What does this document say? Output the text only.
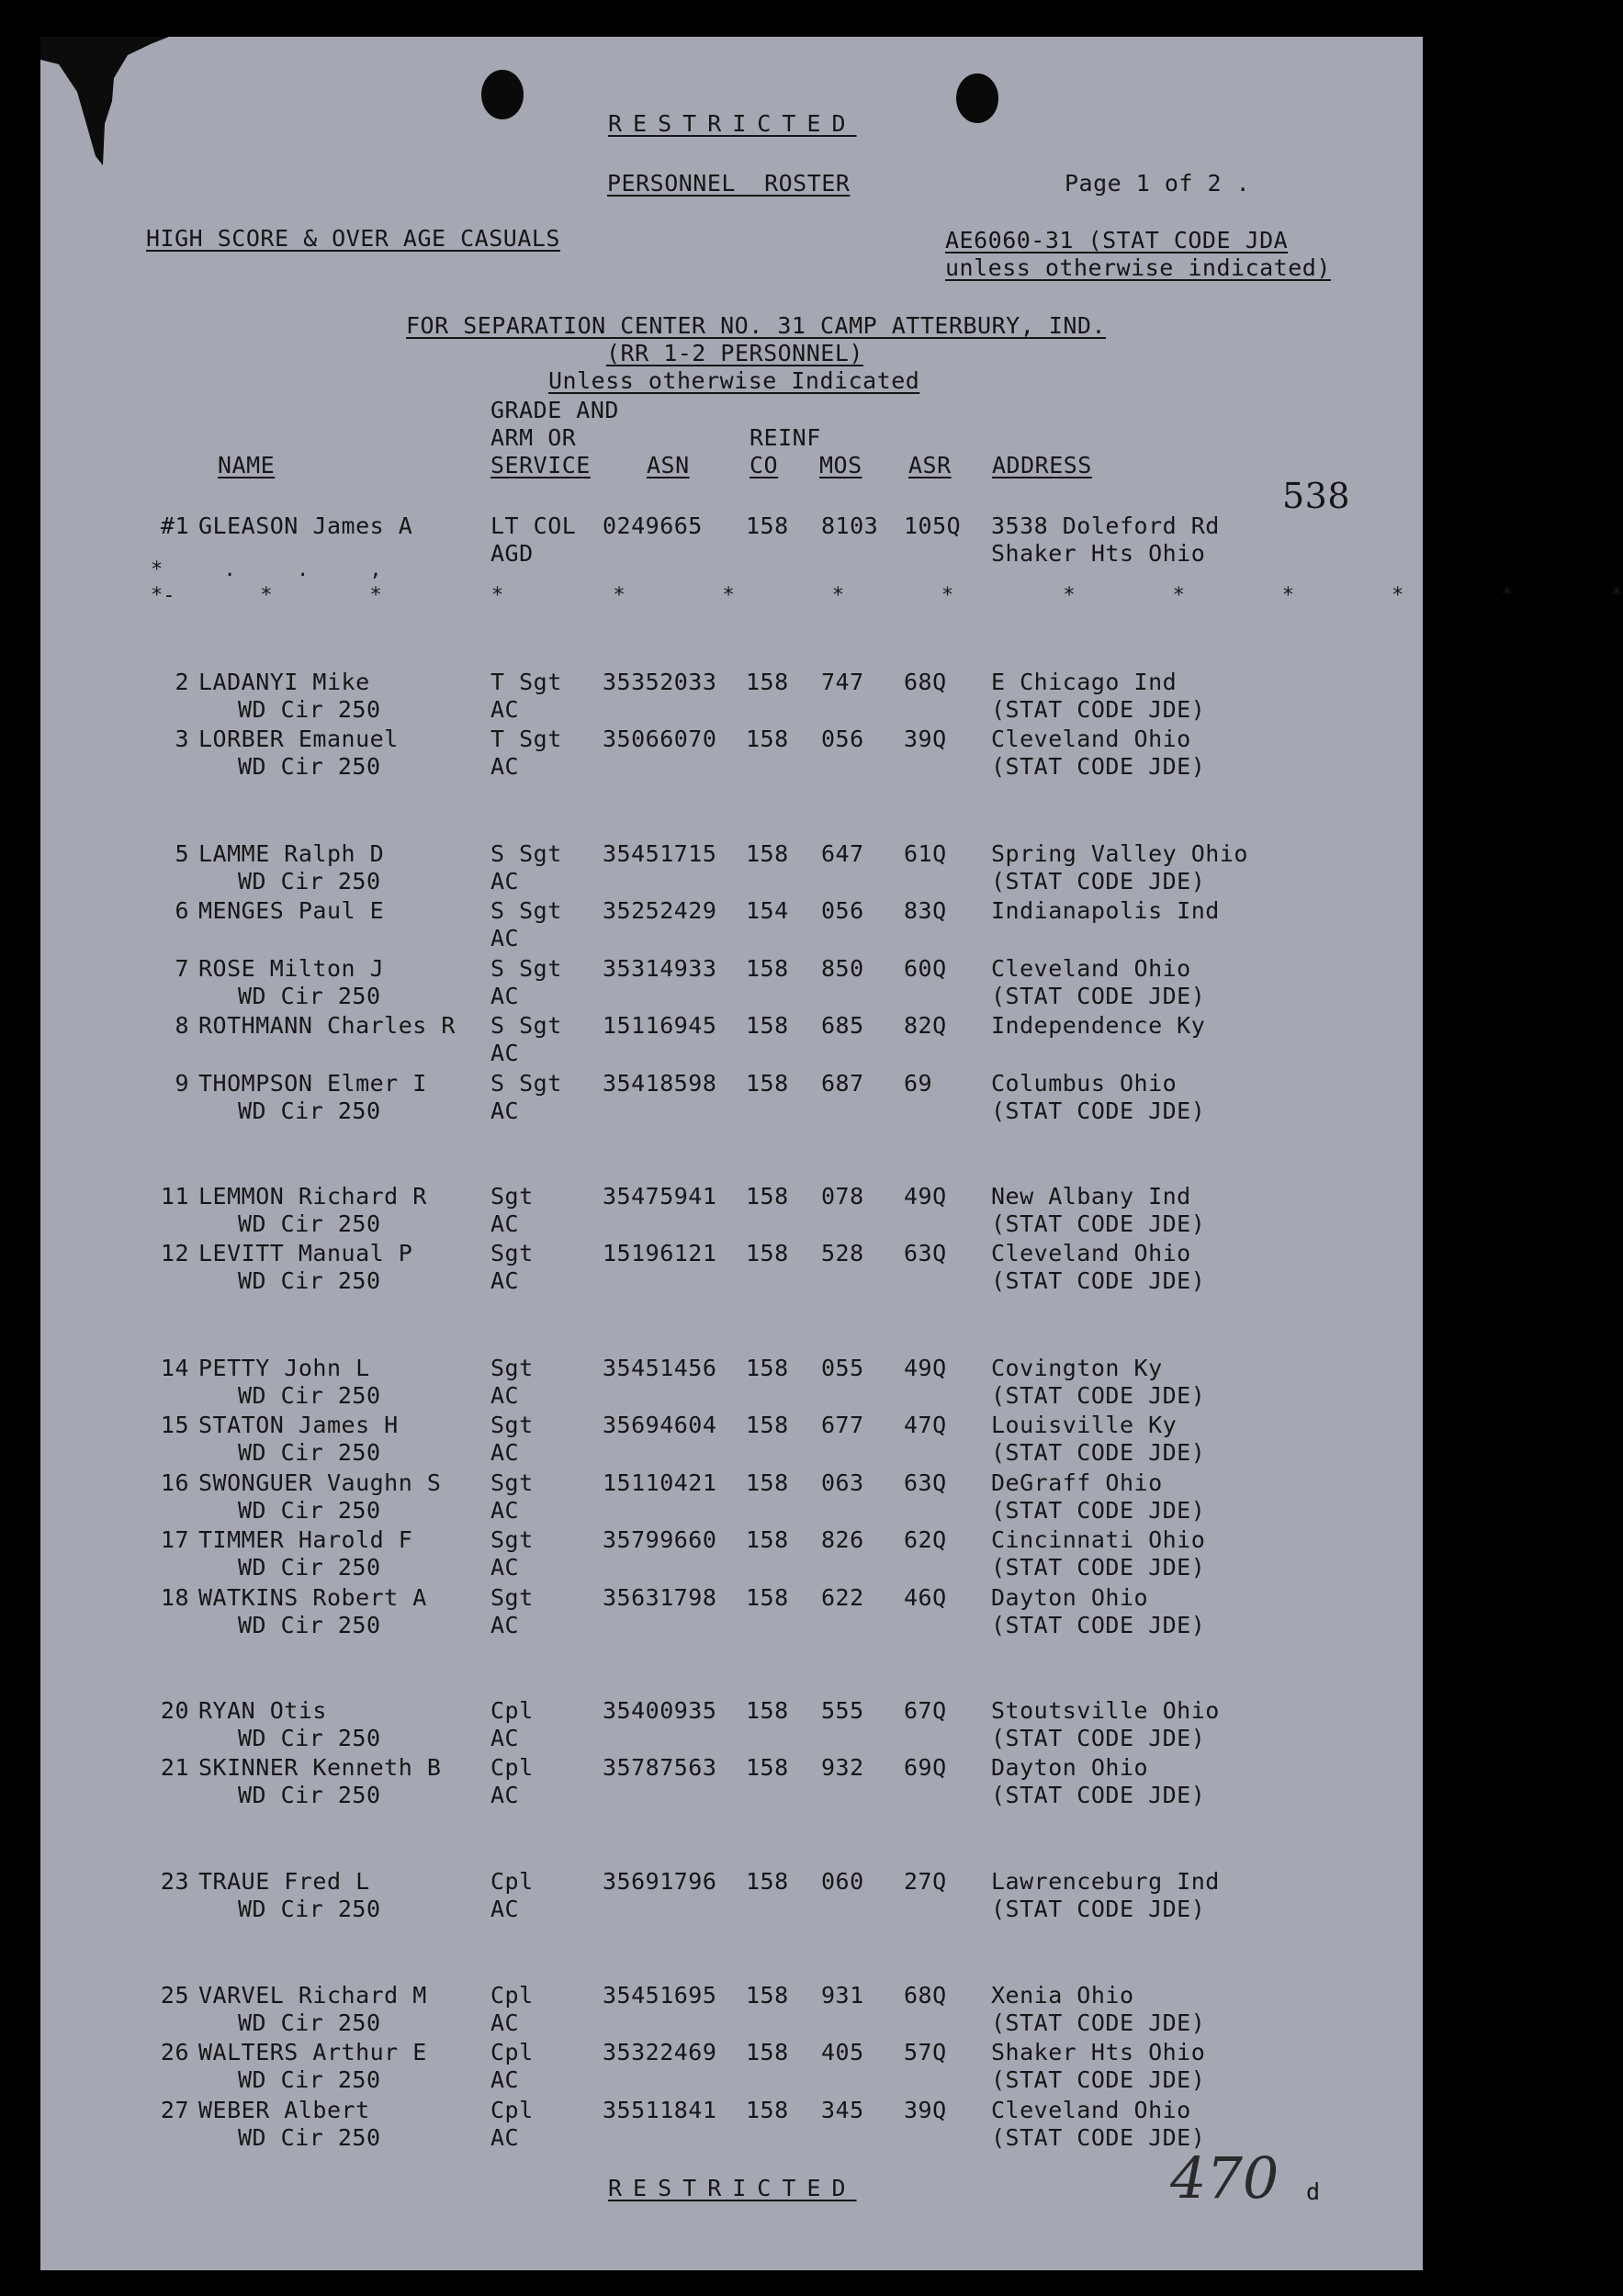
RESTRICTED
PERSONNEL  ROSTER	Page 1 of 2 .
HIGH SCORE & OVER AGE CASUALS	AE6060-31 (STAT CODE JDA
unless otherwise indicated)
FOR SEPARATION CENTER NO. 31 CAMP ATTERBURY, IND.
(RR 1-2 PERSONNEL)
Unless otherwise Indicated
538
GRADE AND
ARM OR	REINF
NAME	SERVICE ASN	CO MOS ASR ADDRESS
*     .     .     ,
*-       *        *         *         *        *        *        *         *        *        *        *        *        *
#1 GLEASON James A	LT COL 0249665 158 8103 105Q 3538 Doleford Rd
AGD	Shaker Hts Ohio
2 LADANYI Mike	T Sgt 35352033 158 747 68Q E Chicago Ind
WD Cir 250	AC	(STAT CODE JDE)
3 LORBER Emanuel	T Sgt 35066070 158 056 39Q Cleveland Ohio
WD Cir 250	AC	(STAT CODE JDE)
5 LAMME Ralph D	S Sgt 35451715 158 647 61Q Spring Valley Ohio
WD Cir 250	AC	(STAT CODE JDE)
6 MENGES Paul E	S Sgt 35252429 154 056 83Q Indianapolis Ind
AC
7 ROSE Milton J	S Sgt 35314933 158 850 60Q Cleveland Ohio
WD Cir 250	AC	(STAT CODE JDE)
8 ROTHMANN Charles R S Sgt 15116945 158 685 82Q Independence Ky
AC
9 THOMPSON Elmer I	S Sgt 35418598 158 687 69	Columbus Ohio
WD Cir 250	AC	(STAT CODE JDE)
11 LEMMON Richard R	Sgt	35475941 158 078 49Q New Albany Ind
WD Cir 250	AC	(STAT CODE JDE)
12 LEVITT Manual P	Sgt	15196121 158 528 63Q Cleveland Ohio
WD Cir 250	AC	(STAT CODE JDE)
14 PETTY John L	Sgt	35451456 158 055 49Q Covington Ky
WD Cir 250	AC	(STAT CODE JDE)
15 STATON James H	Sgt	35694604 158 677 47Q Louisville Ky
WD Cir 250	AC	(STAT CODE JDE)
16 SWONGUER Vaughn S Sgt	15110421 158 063 63Q DeGraff Ohio
WD Cir 250	AC	(STAT CODE JDE)
17 TIMMER Harold F	Sgt	35799660 158 826 62Q Cincinnati Ohio
WD Cir 250	AC	(STAT CODE JDE)
18 WATKINS Robert A	Sgt	35631798 158 622 46Q Dayton Ohio
WD Cir 250	AC	(STAT CODE JDE)
20 RYAN Otis	Cpl	35400935 158 555 67Q Stoutsville Ohio
WD Cir 250	AC	(STAT CODE JDE)
21 SKINNER Kenneth B Cpl	35787563 158 932 69Q Dayton Ohio
WD Cir 250	AC	(STAT CODE JDE)
23 TRAUE Fred L	Cpl	35691796 158 060 27Q Lawrenceburg Ind
WD Cir 250	AC	(STAT CODE JDE)
25 VARVEL Richard M	Cpl	35451695 158 931 68Q Xenia Ohio
WD Cir 250	AC	(STAT CODE JDE)
26 WALTERS Arthur E	Cpl	35322469 158 405 57Q Shaker Hts Ohio
WD Cir 250	AC	(STAT CODE JDE)
27 WEBER Albert	Cpl	35511841 158 345 39Q Cleveland Ohio
WD Cir 250	AC	(STAT CODE JDE)
RESTRICTED	470 d
